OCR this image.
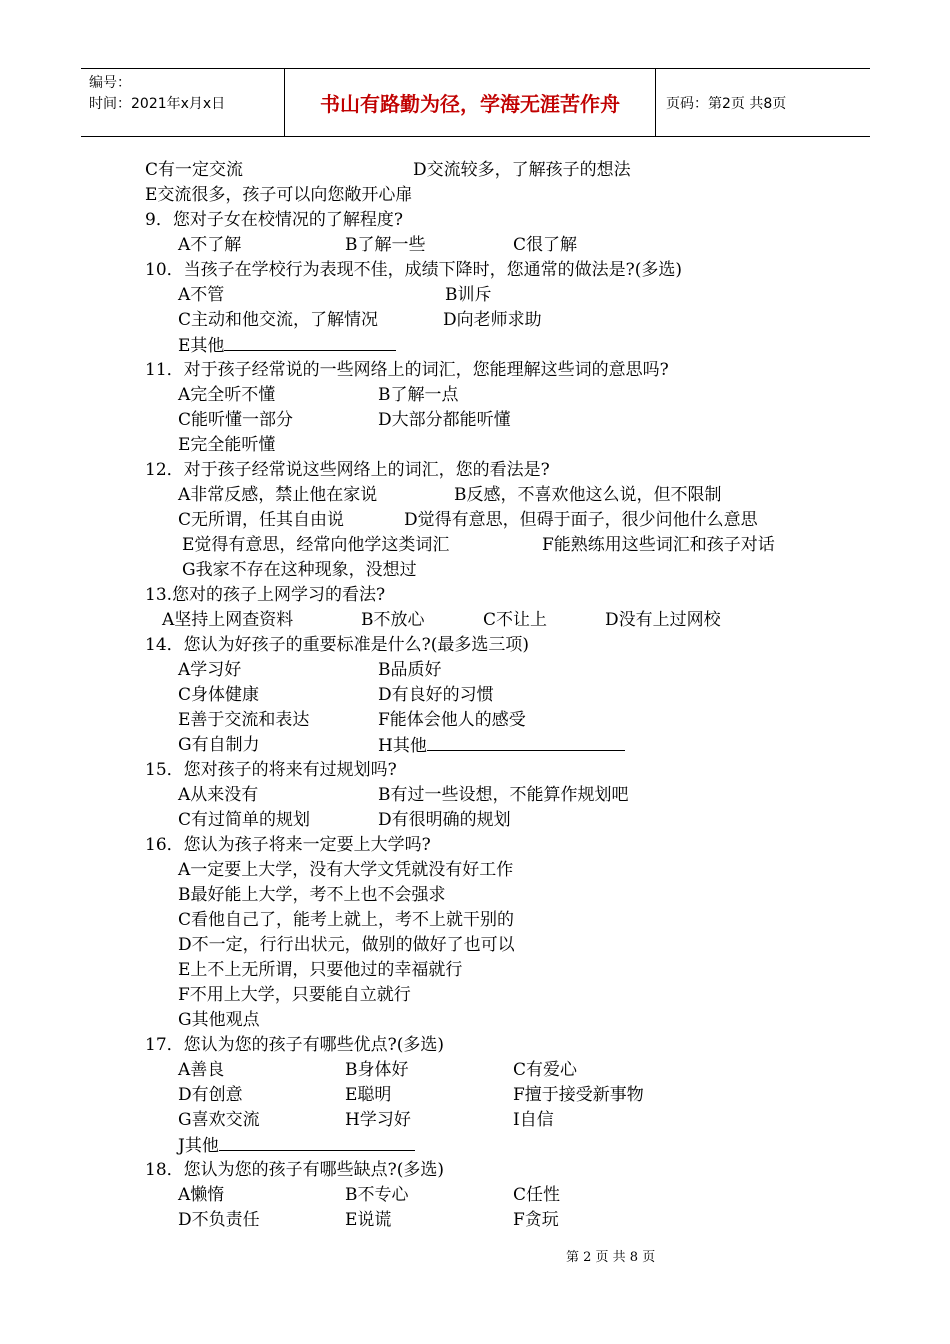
编号：
时间：2021年x月x日	书山有路勤为径，学海无涯苦作舟	页码：第2页 共8页
C有一定交流	D交流较多，了解孩子的想法
E交流很多，孩子可以向您敞开心扉
9．您对子女在校情况的了解程度?
A不了解	B了解一些	C很了解
10．当孩子在学校行为表现不佳，成绩下降时，您通常的做法是?(多选)
A不管	B训斥
C主动和他交流，了解情况	D向老师求助
E其他
11．对于孩子经常说的一些网络上的词汇，您能理解这些词的意思吗?
A完全听不懂	B了解一点
C能听懂一部分	D大部分都能听懂
E完全能听懂
12．对于孩子经常说这些网络上的词汇，您的看法是?
A非常反感，禁止他在家说	B反感，不喜欢他这么说，但不限制
C无所谓，任其自由说	D觉得有意思，但碍于面子，很少问他什么意思
E觉得有意思，经常向他学这类词汇	F能熟练用这些词汇和孩子对话
G我家不存在这种现象，没想过
13.您对的孩子上网学习的看法?
A坚持上网查资料	B不放心	C不让上	D没有上过网校
14．您认为好孩子的重要标准是什么?(最多选三项)
A学习好	B品质好
C身体健康	D有良好的习惯
E善于交流和表达	F能体会他人的感受
G有自制力	H其他
15．您对孩子的将来有过规划吗?
A从来没有	B有过一些设想，不能算作规划吧
C有过简单的规划	D有很明确的规划
16．您认为孩子将来一定要上大学吗?
A一定要上大学，没有大学文凭就没有好工作
B最好能上大学，考不上也不会强求
C看他自己了，能考上就上，考不上就干别的
D不一定，行行出状元，做别的做好了也可以
E上不上无所谓，只要他过的幸福就行
F不用上大学，只要能自立就行
G其他观点
17．您认为您的孩子有哪些优点?(多选)
A善良	B身体好	C有爱心
D有创意	E聪明	F擅于接受新事物
G喜欢交流	H学习好	I自信
J其他
18．您认为您的孩子有哪些缺点?(多选)
A懒惰	B不专心	C任性
D不负责任	E说谎	F贪玩
第 2 页 共 8 页
